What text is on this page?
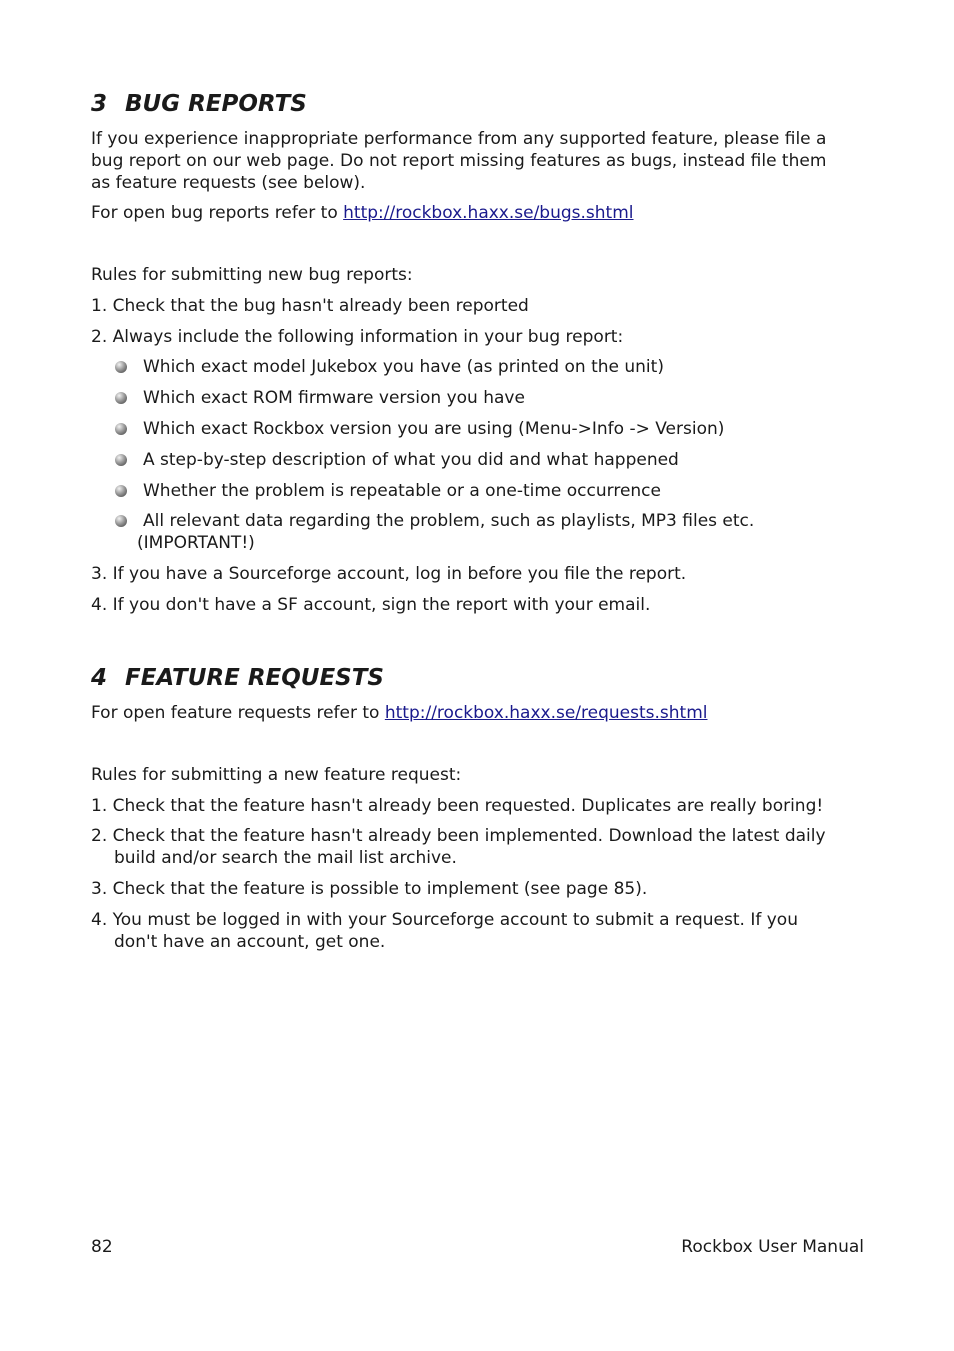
3 BUG REPORTS
If you experience inappropriate performance from any supported feature, please file a
bug report on our web page. Do not report missing features as bugs, instead file them
as feature requests (see below).
For open bug reports refer to http://rockbox.haxx.se/bugs.shtml
Rules for submitting new bug reports:
1. Check that the bug hasn't already been reported
2. Always include the following information in your bug report:
Which exact model Jukebox you have (as printed on the unit)
Which exact ROM firmware version you have
Which exact Rockbox version you are using (Menu->Info -> Version)
A step-by-step description of what you did and what happened
Whether the problem is repeatable or a one-time occurrence
All relevant data regarding the problem, such as playlists, MP3 files etc.
(IMPORTANT!)
3. If you have a Sourceforge account, log in before you file the report.
4. If you don't have a SF account, sign the report with your email.
4 FEATURE REQUESTS
For open feature requests refer to http://rockbox.haxx.se/requests.shtml
Rules for submitting a new feature request:
1. Check that the feature hasn't already been requested. Duplicates are really boring!
2. Check that the feature hasn't already been implemented. Download the latest daily
build and/or search the mail list archive.
3. Check that the feature is possible to implement (see page 85).
4. You must be logged in with your Sourceforge account to submit a request. If you
don't have an account, get one.
82	Rockbox User Manual
